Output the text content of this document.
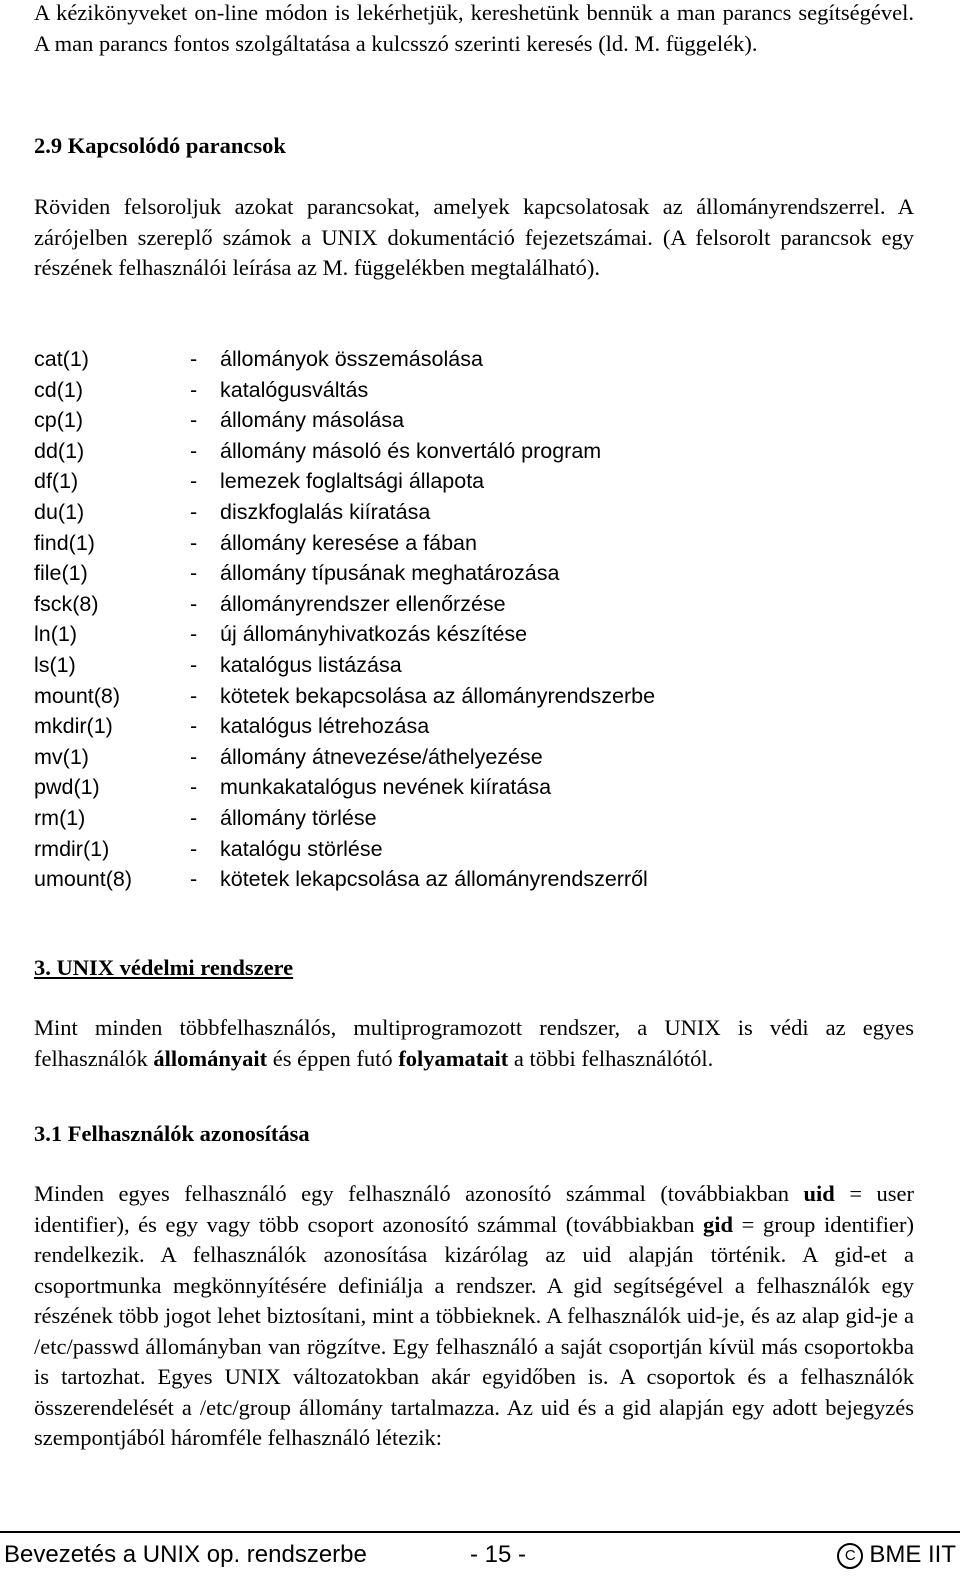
A kézikönyveket on-line módon is lekérhetjük, kereshetünk bennük a man parancs segítségével. A man parancs fontos szolgáltatása a kulcsszó szerinti keresés (ld. M. függelék).

2.9 Kapcsolódó parancsok

Röviden felsoroljuk azokat parancsokat, amelyek kapcsolatosak az állományrendszerrel. A zárójelben szereplő számok a UNIX dokumentáció fejezetszámai. (A felsorolt parancsok egy részének felhasználói leírása az M. függelékben megtalálható).

cat(1)	-	állományok összemásolása
cd(1)	-	katalógusváltás
cp(1)	-	állomány másolása
dd(1)	-	állomány másoló és konvertáló program
df(1)	-	lemezek foglaltsági állapota
du(1)	-	diszkfoglalás kiíratása
find(1)	-	állomány keresése a fában
file(1)	-	állomány típusának meghatározása
fsck(8)	-	állományrendszer ellenőrzése
ln(1)	-	új állományhivatkozás készítése
ls(1)	-	katalógus listázása
mount(8)	-	kötetek bekapcsolása az állományrendszerbe
mkdir(1)	-	katalógus létrehozása
mv(1)	-	állomány átnevezése/áthelyezése
pwd(1)	-	munkakatalógus nevének kiíratása
rm(1)	-	állomány törlése
rmdir(1)	-	katalógu störlése
umount(8)	-	kötetek lekapcsolása az állományrendszerről

3. UNIX védelmi rendszere

Mint minden többfelhasználós, multiprogramozott rendszer, a UNIX is védi az egyes felhasználók állományait és éppen futó folyamatait a többi felhasználótól.

3.1 Felhasználók azonosítása

Minden egyes felhasználó egy felhasználó azonosító számmal (továbbiakban uid = user identifier), és egy vagy több csoport azonosító számmal (továbbiakban gid = group identifier) rendelkezik. A felhasználók azonosítása kizárólag az uid alapján történik. A gid-et a csoportmunka megkönnyítésére definiálja a rendszer. A gid segítségével a felhasználók egy részének több jogot lehet biztosítani, mint a többieknek. A felhasználók uid-je, és az alap gid-je a /etc/passwd állományban van rögzítve. Egy felhasználó a saját csoportján kívül más csoportokba is tartozhat. Egyes UNIX változatokban akár egyidőben is. A csoportok és a felhasználók összerendelését a /etc/group állomány tartalmazza. Az uid és a gid alapján egy adott bejegyzés szempontjából háromféle felhasználó létezik:

Bevezetés a UNIX op. rendszerbe	- 15 -	C BME IIT
